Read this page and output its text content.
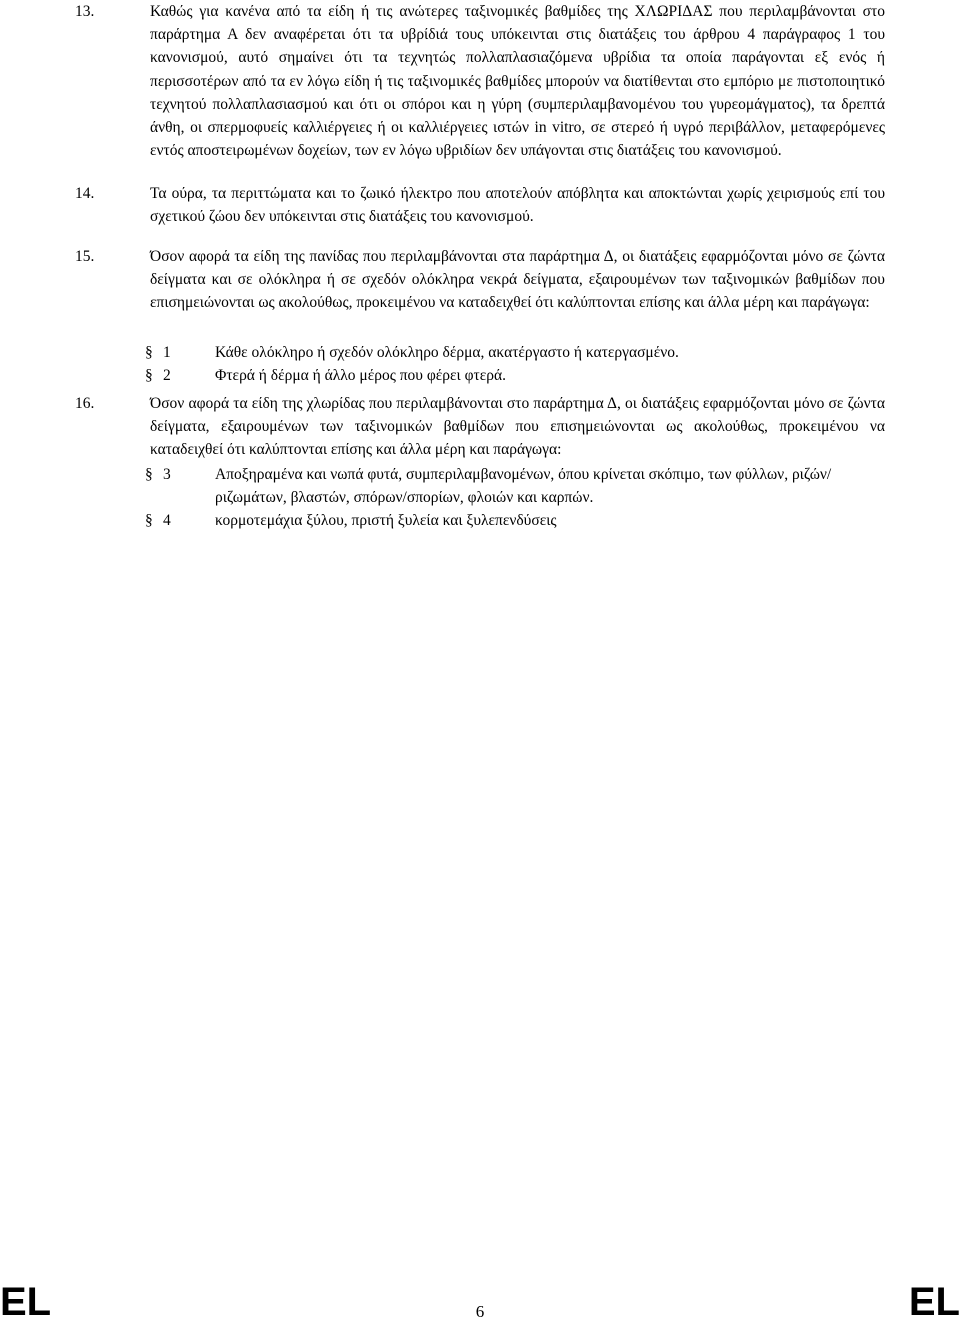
13.	Καθώς για κανένα από τα είδη ή τις ανώτερες ταξινομικές βαθμίδες της ΧΛΩΡΙΔΑΣ που περιλαμβάνονται στο παράρτημα Α δεν αναφέρεται ότι τα υβρίδιά τους υπόκεινται στις διατάξεις του άρθρου 4 παράγραφος 1 του κανονισμού, αυτό σημαίνει ότι τα τεχνητώς πολλαπλασιαζόμενα υβρίδια τα οποία παράγονται εξ ενός ή περισσοτέρων από τα εν λόγω είδη ή τις ταξινομικές βαθμίδες μπορούν να διατίθενται στο εμπόριο με πιστοποιητικό τεχνητού πολλαπλασιασμού και ότι οι σπόροι και η γύρη (συμπεριλαμβανομένου του γυρεομάγματος), τα δρεπτά άνθη, οι σπερμοφυείς καλλιέργειες ή οι καλλιέργειες ιστών in vitro, σε στερεό ή υγρό περιβάλλον, μεταφερόμενες εντός αποστειρωμένων δοχείων, των εν λόγω υβριδίων δεν υπάγονται στις διατάξεις του κανονισμού.
14.	Τα ούρα, τα περιττώματα και το ζωικό ήλεκτρο που αποτελούν απόβλητα και αποκτώνται χωρίς χειρισμούς επί του σχετικού ζώου δεν υπόκεινται στις διατάξεις του κανονισμού.
15.	Όσον αφορά τα είδη της πανίδας που περιλαμβάνονται στα παράρτημα Δ, οι διατάξεις εφαρμόζονται μόνο σε ζώντα δείγματα και σε ολόκληρα ή σε σχεδόν ολόκληρα νεκρά δείγματα, εξαιρουμένων των ταξινομικών βαθμίδων που επισημειώνονται ως ακολούθως, προκειμένου να καταδειχθεί ότι καλύπτονται επίσης και άλλα μέρη και παράγωγα:
§ 1	Κάθε ολόκληρο ή σχεδόν ολόκληρο δέρμα, ακατέργαστο ή κατεργασμένο.
§ 2	Φτερά ή δέρμα ή άλλο μέρος που φέρει φτερά.
16.	Όσον αφορά τα είδη της χλωρίδας που περιλαμβάνονται στο παράρτημα Δ, οι διατάξεις εφαρμόζονται μόνο σε ζώντα δείγματα, εξαιρουμένων των ταξινομικών βαθμίδων που επισημειώνονται ως ακολούθως, προκειμένου να καταδειχθεί ότι καλύπτονται επίσης και άλλα μέρη και παράγωγα:
§ 3	Αποξηραμένα και νωπά φυτά, συμπεριλαμβανομένων, όπου κρίνεται σκόπιμο, των φύλλων, ριζών/ριζωμάτων, βλαστών, σπόρων/σπορίων, φλοιών και καρπών.
§ 4	κορμοτεμάχια ξύλου, πριστή ξυλεία και ξυλεπενδύσεις
EL	6	EL
